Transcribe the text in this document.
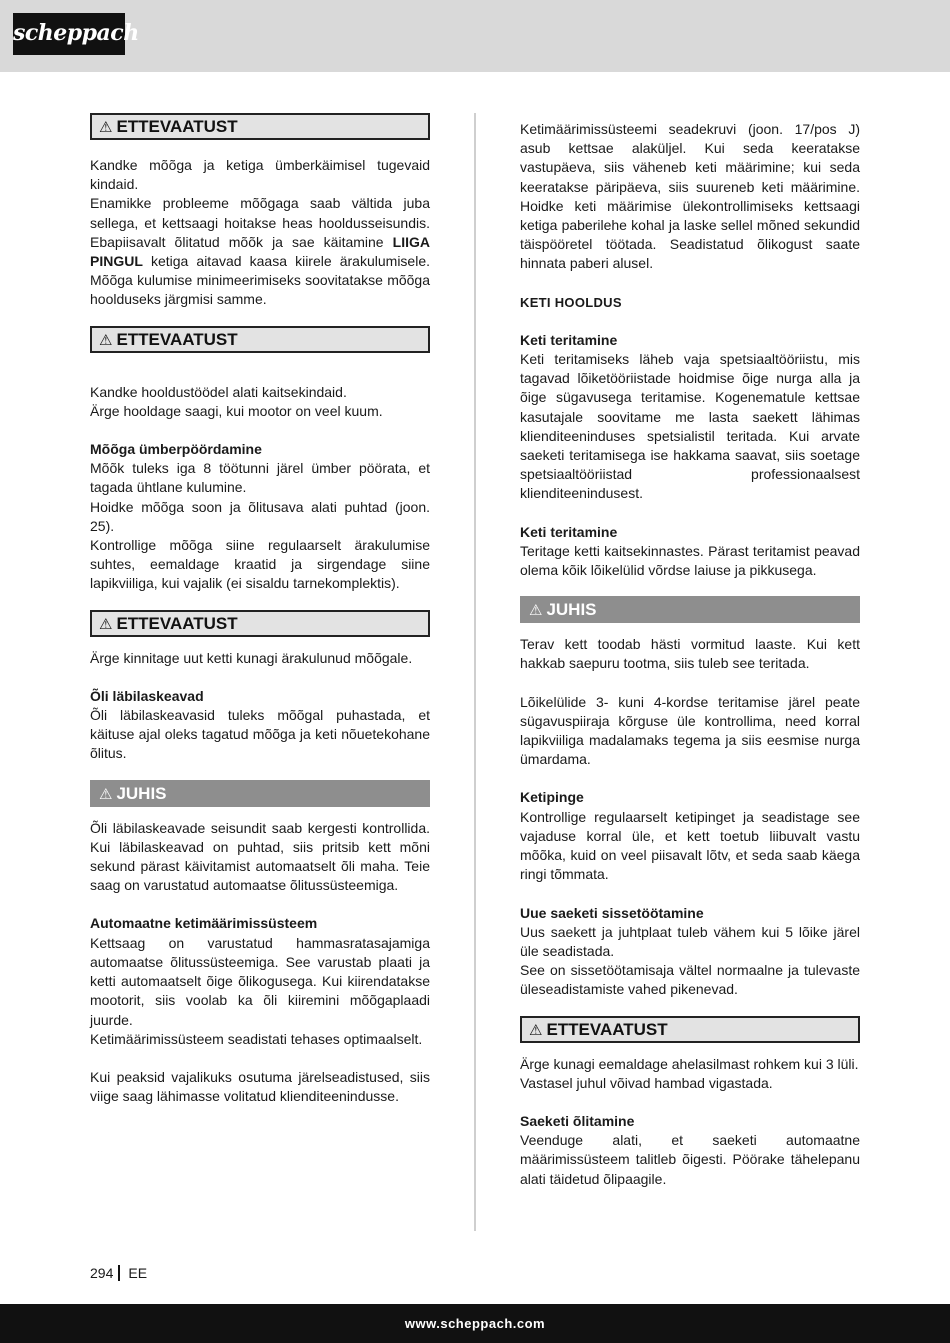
scheppach
⚠ ETTEVAATUST

Kandke mõõga ja ketiga ümberkäimisel tugevaid kindaid.

Enamikke probleeme mõõgaga saab vältida juba sellega, et kettsaagi hoitakse heas hooldusseisundis. Ebapiisavalt õlitatud mõõk ja sae käitamine LIIGA PINGUL ketiga aitavad kaasa kiirele ärakulumisele. Mõõga kulumise minimeerimiseks soovitatakse mõõga hoolduseks järgmisi samme.

⚠ ETTEVAATUST

Kandke hooldustöödel alati kaitsekindaid.

Ärge hooldage saagi, kui mootor on veel kuum.

Mõõga ümberpöördamine

Mõõk tuleks iga 8 töötunni järel ümber pöörata, et tagada ühtlane kulumine.

Hoidke mõõga soon ja õlitusava alati puhtad (joon. 25).

Kontrollige mõõga siine regulaarselt ärakulumise suhtes, eemaldage kraatid ja sirgendage siine lapikviiliga, kui vajalik (ei sisaldu tarnekomplektis).

⚠ ETTEVAATUST

Ärge kinnitage uut ketti kunagi ärakulunud mõõgale.

Õli läbilaskeavad

Õli läbilaskeavasid tuleks mõõgal puhastada, et käituse ajal oleks tagatud mõõga ja keti nõuetekohane õlitus.

⚠ JUHIS

Õli läbilaskeavade seisundit saab kergesti kontrollida. Kui läbilaskeavad on puhtad, siis pritsib kett mõni sekund pärast käivitamist automaatselt õli maha. Teie saag on varustatud automaatse õlitussüsteemiga.

Automaatne ketimäärimissüsteem

Kettsaag on varustatud hammasratasajamiga automaatse õlitussüsteemiga. See varustab plaati ja ketti automaatselt õige õlikogusega. Kui kiirendatakse mootorit, siis voolab ka õli kiiremini mõõgaplaadi juurde.

Ketimäärimissüsteem seadistati tehases optimaalselt.

Kui peaksid vajalikuks osutuma järelseadistused, siis viige saag lähimasse volitatud klienditeenindusse.

Ketimäärimissüsteemi seadekruvi (joon. 17/pos J) asub kettsae alaküljel. Kui seda keeratakse vastupäeva, siis väheneb keti määrimine; kui seda keeratakse päripäeva, siis suureneb keti määrimine. Hoidke keti määrimise ülekontrollimiseks kettsaagi ketiga paberilehe kohal ja laske sellel mõned sekundid täispööretel töötada. Seadistatud õlikogust saate hinnata paberi alusel.

KETI HOOLDUS

Keti teritamine

Keti teritamiseks läheb vaja spetsiaaltööriistu, mis tagavad lõiketööriistade hoidmise õige nurga alla ja õige sügavusega teritamise. Kogenematule kettsae kasutajale soovitame me lasta saekett lähimas klienditeeninduses spetsialistil teritada. Kui arvate saeketi teritamisega ise hakkama saavat, siis soetage spetsiaaltööriistad professionaalsest klienditeenindusest.

Keti teritamine

Teritage ketti kaitsekinnastes. Pärast teritamist peavad olema kõik lõikelülid võrdse laiuse ja pikkusega.

⚠ JUHIS

Terav kett toodab hästi vormitud laaste. Kui kett hakkab saepuru tootma, siis tuleb see teritada.

Lõikelülide 3- kuni 4-kordse teritamise järel peate sügavuspiiraja kõrguse üle kontrollima, need korral lapikviiliga madalamaks tegema ja siis eesmise nurga ümardama.

Ketipinge

Kontrollige regulaarselt ketipinget ja seadistage see vajaduse korral üle, et kett toetub liibuvalt vastu mõõka, kuid on veel piisavalt lõtv, et seda saab käega ringi tõmmata.

Uue saeketi sissetöötamine

Uus saekett ja juhtplaat tuleb vähem kui 5 lõike järel üle seadistada.

See on sissetöötamisaja vältel normaalne ja tulevaste üleseadistamiste vahed pikenevad.

⚠ ETTEVAATUST

Ärge kunagi eemaldage ahelasilmast rohkem kui 3 lüli.

Vastasel juhul võivad hambad vigastada.

Saeketi õlitamine

Veenduge alati, et saeketi automaatne määrimissüsteem talitleb õigesti. Pöörake tähelepanu alati täidetud õlipaagile.

294 EE
www.scheppach.com
